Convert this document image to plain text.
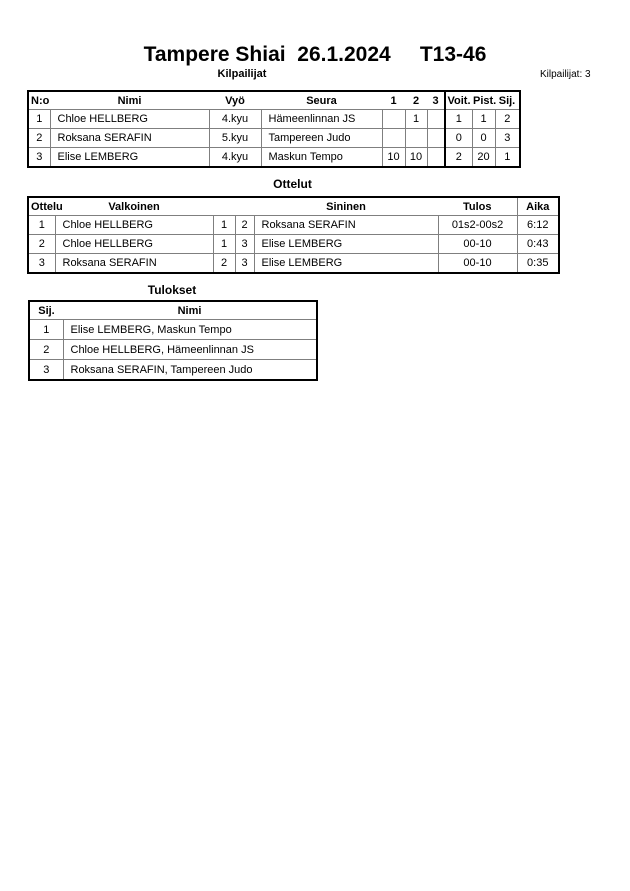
Tampere Shiai  26.1.2024     T13-46
Kilpailijat	Kilpailijat: 3
N:o	Nimi	Vyö	Seura	1	2	3	Voit.	Pist.	Sij.
1	Chloe HELLBERG	4.kyu	Hämeenlinnan JS		1		1	1	2
2	Roksana SERAFIN	5.kyu	Tampereen Judo				0	0	3
3	Elise LEMBERG	4.kyu	Maskun Tempo	10	10		2	20	1
Ottelut
Ottelu	Valkoinen			Sininen	Tulos	Aika
1	Chloe HELLBERG	1	2	Roksana SERAFIN	01s2-00s2	6:12
2	Chloe HELLBERG	1	3	Elise LEMBERG	00-10	0:43
3	Roksana SERAFIN	2	3	Elise LEMBERG	00-10	0:35
Tulokset
Sij.	Nimi
1	Elise LEMBERG, Maskun Tempo
2	Chloe HELLBERG, Hämeenlinnan JS
3	Roksana SERAFIN, Tampereen Judo
